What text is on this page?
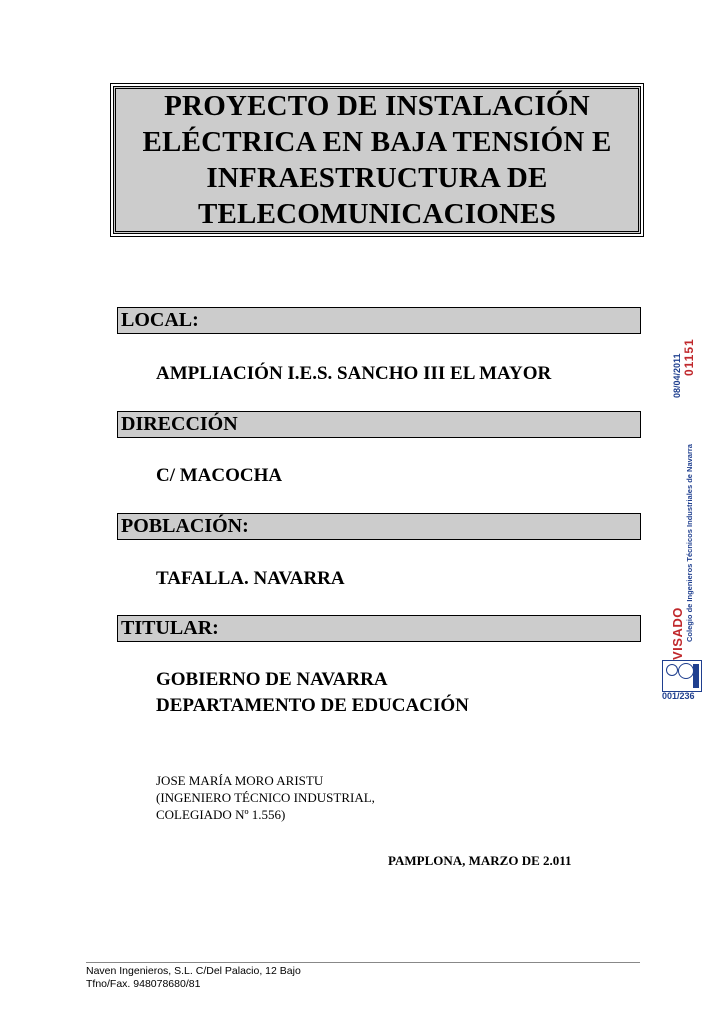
PROYECTO DE INSTALACIÓN
ELÉCTRICA EN BAJA TENSIÓN E
INFRAESTRUCTURA DE
TELECOMUNICACIONES
LOCAL:
AMPLIACIÓN I.E.S. SANCHO III EL MAYOR
DIRECCIÓN
C/ MACOCHA
POBLACIÓN:
TAFALLA. NAVARRA
TITULAR:
GOBIERNO DE NAVARRA
DEPARTAMENTO DE EDUCACIÓN
JOSE MARÍA MORO ARISTU
(INGENIERO TÉCNICO INDUSTRIAL,
COLEGIADO Nº 1.556)
PAMPLONA, MARZO DE 2.011
Naven Ingenieros, S.L. C/Del Palacio, 12 Bajo
Tfno/Fax. 948078680/81
08/04/2011 01151
VISADO Colegio de Ingenieros Técnicos Industriales de Navarra
001/236
